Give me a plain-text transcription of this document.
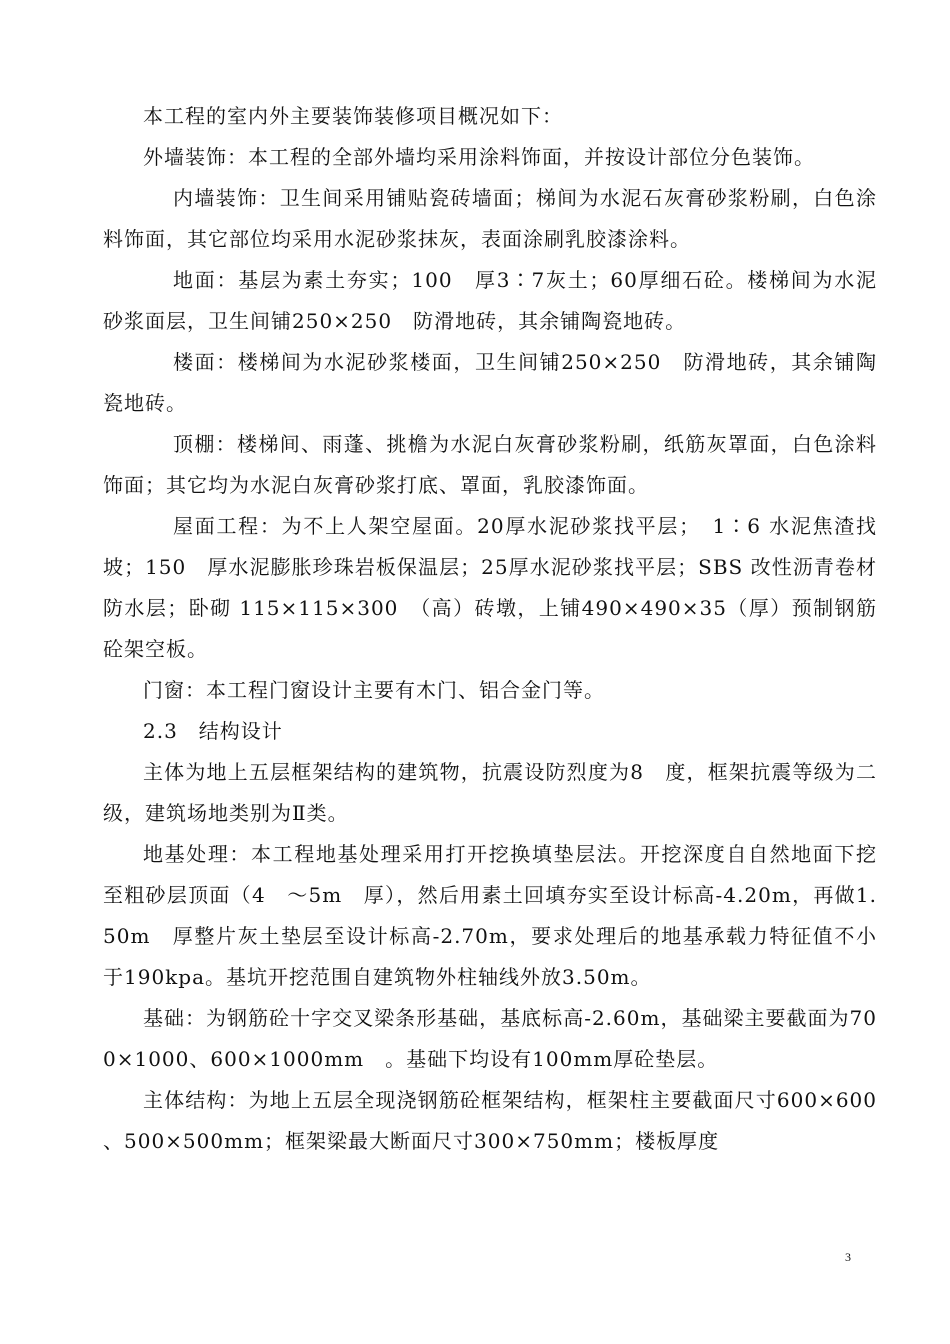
本工程的室内外主要装饰装修项目概况如下：

外墙装饰：本工程的全部外墙均采用涂料饰面，并按设计部位分色装饰。

内墙装饰：卫生间采用铺贴瓷砖墙面；梯间为水泥石灰膏砂浆粉刷，白色涂料饰面，其它部位均采用水泥砂浆抹灰，表面涂刷乳胶漆涂料。

地面：基层为素土夯实；100　厚3∶7灰土；60厚细石砼。楼梯间为水泥砂浆面层，卫生间铺250×250　防滑地砖，其余铺陶瓷地砖。

楼面：楼梯间为水泥砂浆楼面，卫生间铺250×250　防滑地砖，其余铺陶瓷地砖。

顶棚：楼梯间、雨蓬、挑檐为水泥白灰膏砂浆粉刷，纸筋灰罩面，白色涂料饰面；其它均为水泥白灰膏砂浆打底、罩面，乳胶漆饰面。

屋面工程：为不上人架空屋面。20厚水泥砂浆找平层；　1∶6 水泥焦渣找坡；150　厚水泥膨胀珍珠岩板保温层；25厚水泥砂浆找平层；SBS 改性沥青卷材防水层；卧砌 115×115×300　（高）砖墩，上铺490×490×35（厚）预制钢筋砼架空板。

门窗：本工程门窗设计主要有木门、铝合金门等。

2.3　结构设计

主体为地上五层框架结构的建筑物，抗震设防烈度为8　度，框架抗震等级为二级，建筑场地类别为Ⅱ类。

地基处理：本工程地基处理采用打开挖换填垫层法。开挖深度自自然地面下挖至粗砂层顶面（4　～5m　厚），然后用素土回填夯实至设计标高-4.20m，再做1.50m　厚整片灰土垫层至设计标高-2.70m，要求处理后的地基承载力特征值不小于190kpa。基坑开挖范围自建筑物外柱轴线外放3.50m。

基础：为钢筋砼十字交叉梁条形基础，基底标高-2.60m，基础梁主要截面为700×1000、600×1000mm　。基础下均设有100mm厚砼垫层。

主体结构：为地上五层全现浇钢筋砼框架结构，框架柱主要截面尺寸600×600　、500×500mm；框架梁最大断面尺寸300×750mm；楼板厚度

3
